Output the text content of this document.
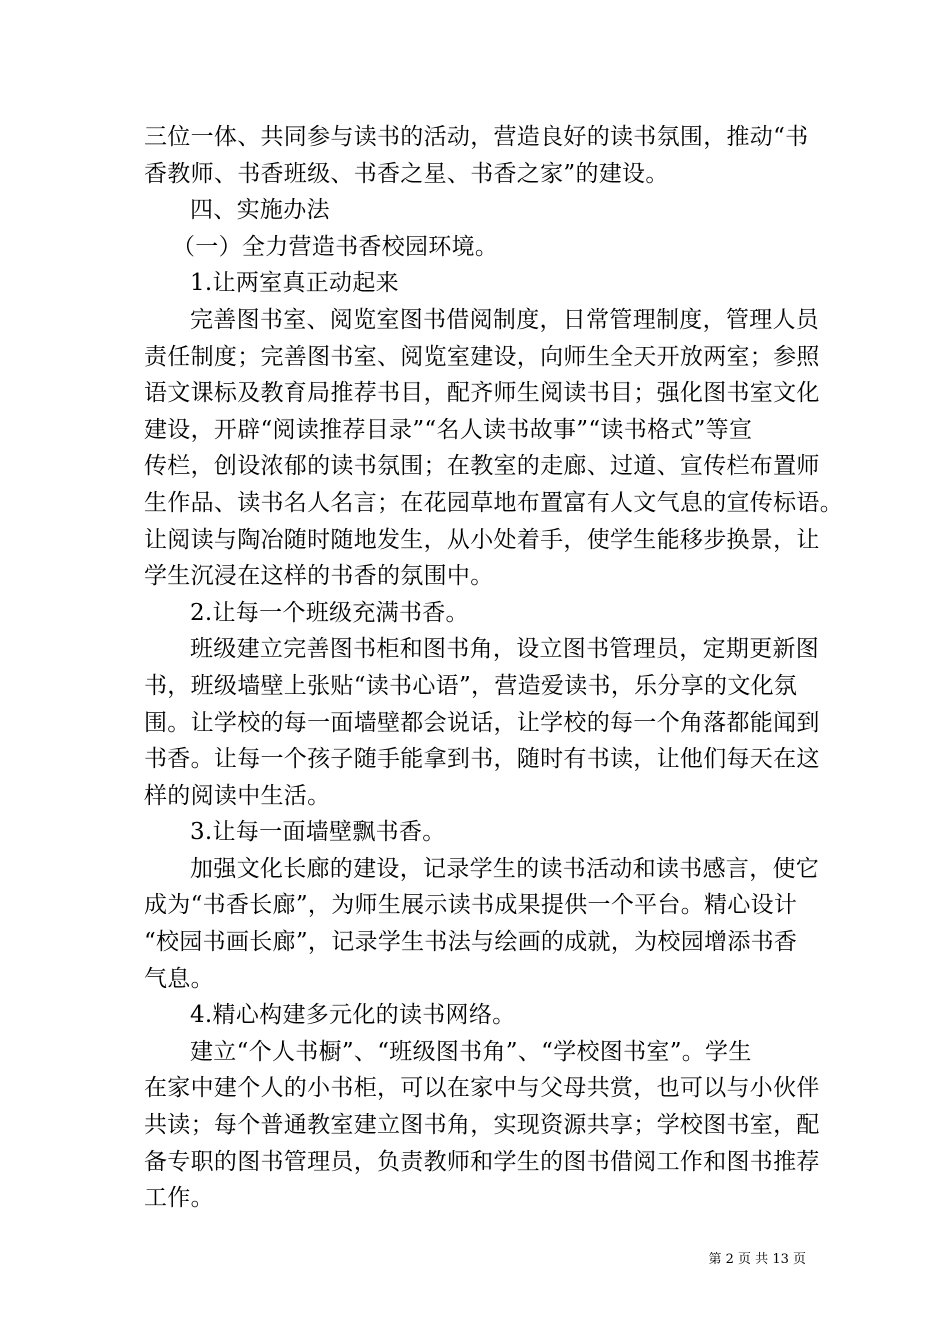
三位一体、共同参与读书的活动，营造良好的读书氛围，推动“书
香教师、书香班级、书香之星、书香之家”的建设。
四、实施办法
（一）全力营造书香校园环境。
1.让两室真正动起来
完善图书室、阅览室图书借阅制度，日常管理制度，管理人员
责任制度；完善图书室、阅览室建设，向师生全天开放两室；参照
语文课标及教育局推荐书目，配齐师生阅读书目；强化图书室文化
建设，开辟“阅读推荐目录”“名人读书故事”“读书格式”等宣
传栏，创设浓郁的读书氛围；在教室的走廊、过道、宣传栏布置师
生作品、读书名人名言；在花园草地布置富有人文气息的宣传标语。
让阅读与陶冶随时随地发生，从小处着手，使学生能移步换景，让
学生沉浸在这样的书香的氛围中。
2.让每一个班级充满书香。
班级建立完善图书柜和图书角，设立图书管理员，定期更新图
书，班级墙壁上张贴“读书心语”，营造爱读书，乐分享的文化氛
围。让学校的每一面墙壁都会说话，让学校的每一个角落都能闻到
书香。让每一个孩子随手能拿到书，随时有书读，让他们每天在这
样的阅读中生活。
3.让每一面墙壁飘书香。
加强文化长廊的建设，记录学生的读书活动和读书感言，使它
成为“书香长廊”，为师生展示读书成果提供一个平台。精心设计
“校园书画长廊”，记录学生书法与绘画的成就，为校园增添书香
气息。
4.精心构建多元化的读书网络。
建立“个人书橱”、“班级图书角”、“学校图书室”。学生
在家中建个人的小书柜，可以在家中与父母共赏，也可以与小伙伴
共读；每个普通教室建立图书角，实现资源共享；学校图书室，配
备专职的图书管理员，负责教师和学生的图书借阅工作和图书推荐
工作。
第 2 页 共 13 页
